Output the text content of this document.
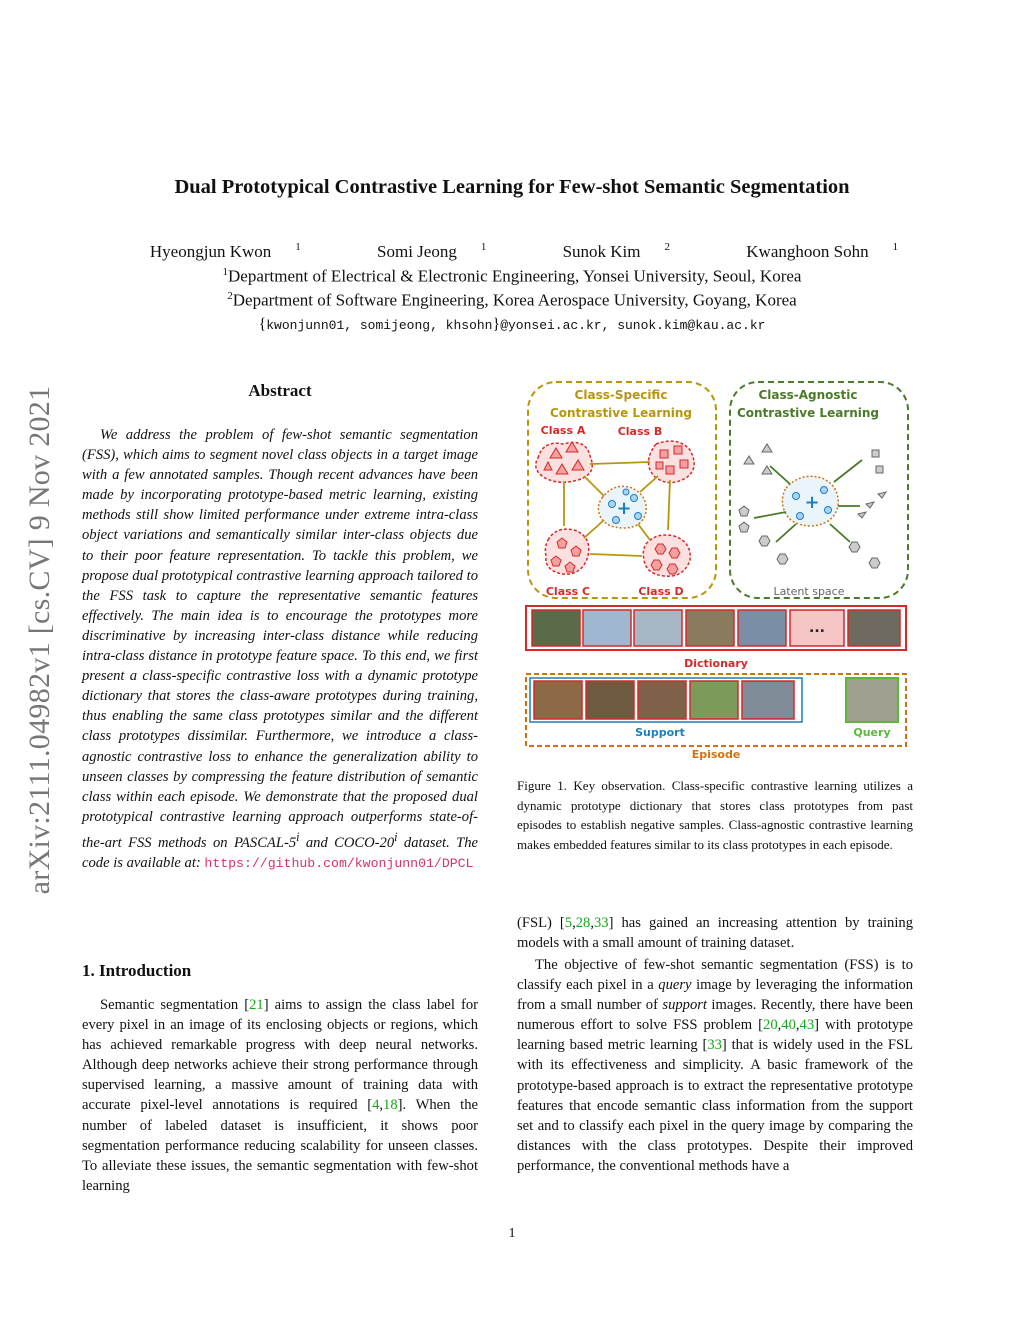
Dual Prototypical Contrastive Learning for Few-shot Semantic Segmentation
Hyeongjun Kwon $^1$	Somi Jeong $^1$	Sunok Kim $^2$	Kwanghoon Sohn $^1$
$^1$Department of Electrical & Electronic Engineering, Yonsei University, Seoul, Korea
$^2$Department of Software Engineering, Korea Aerospace University, Goyang, Korea
{kwonjunn01, somijeong, khsohn}@yonsei.ac.kr, sunok.kim@kau.ac.kr
arXiv:2111.04982v1 [cs.CV] 9 Nov 2021	Abstract
We address the problem of few-shot semantic segmentation (FSS), which aims to segment novel class objects in a target image with a few annotated samples. Though recent advances have been made by incorporating prototype-based metric learning, existing methods still show limited performance under extreme intra-class object variations and semantically similar inter-class objects due to their poor feature representation. To tackle this problem, we propose dual prototypical contrastive learning approach tailored to the FSS task to capture the representative semantic features effectively. The main idea is to encourage the prototypes more discriminative by increasing inter-class distance while reducing intra-class distance in prototype feature space. To this end, we first present a class-specific contrastive loss with a dynamic prototype dictionary that stores the class-aware prototypes during training, thus enabling the same class prototypes similar and the different class prototypes dissimilar. Furthermore, we introduce a class-agnostic contrastive loss to enhance the generalization ability to unseen classes by compressing the feature distribution of semantic class within each episode. We demonstrate that the proposed dual prototypical contrastive learning approach outperforms state-of-the-art FSS methods on PASCAL-5$^i$ and COCO-20$^i$ dataset. The code is available at: https://github.com/kwonjunn01/DPCL
1. Introduction
Semantic segmentation [21] aims to assign the class label for every pixel in an image of its enclosing objects or regions, which has achieved remarkable progress with deep neural networks. Although deep networks achieve their strong performance through supervised learning, a massive amount of training data with accurate pixel-level annotations is required [4,18]. When the number of labeled dataset is insufficient, it shows poor segmentation performance reducing scalability for unseen classes. To alleviate these issues, the semantic segmentation with few-shot learning
Class-Specific
Contrastive Learning
Class-Agnostic
Contrastive Learning
Class A	Class B
Class C	Class D	Latent space
+	+
...
Dictionary
Support	Query
Episode
Figure 1. Key observation. Class-specific contrastive learning utilizes a dynamic prototype dictionary that stores class prototypes from past episodes to establish negative samples. Class-agnostic contrastive learning makes embedded features similar to its class prototypes in each episode.
(FSL) [5,28,33] has gained an increasing attention by training models with a small amount of training dataset.
The objective of few-shot semantic segmentation (FSS) is to classify each pixel in a query image by leveraging the information from a small number of support images. Recently, there have been numerous effort to solve FSS problem [20,40,43] with prototype learning based metric learning [33] that is widely used in the FSL with its effectiveness and simplicity. A basic framework of the prototype-based approach is to extract the representative prototype features that encode semantic class information from the support set and to classify each pixel in the query image by comparing the distances with the class prototypes. Despite their improved performance, the conventional methods have a
1
